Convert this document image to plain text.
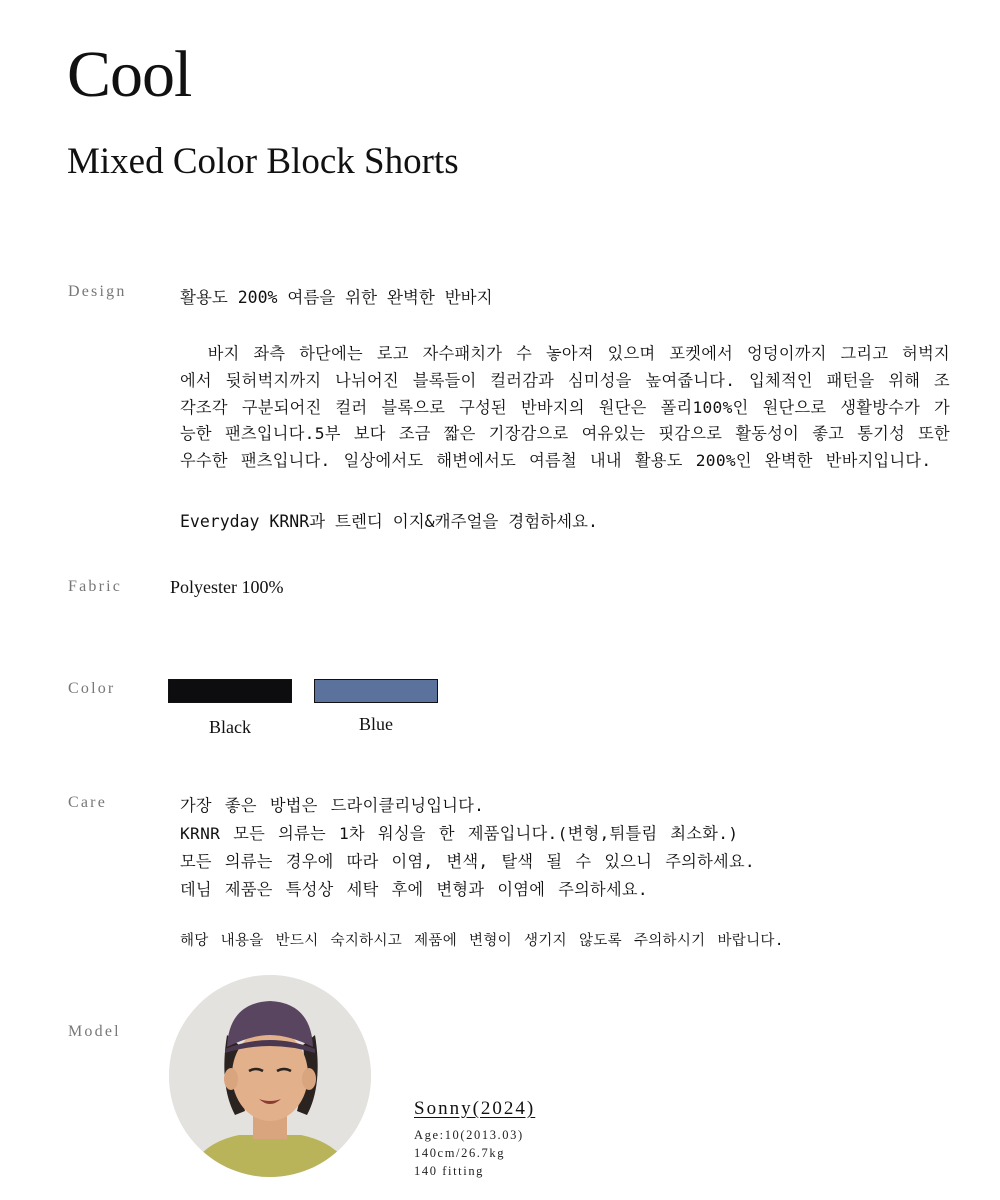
Cool
Mixed Color Block Shorts
Design	활용도 200% 여름을 위한 완벽한 반바지
바지 좌측 하단에는 로고 자수패치가 수 놓아져 있으며 포켓에서 엉덩이까지 그리고 허벅지에서 뒷허벅지까지 나뉘어진 블록들이 컬러감과 심미성을 높여줍니다. 입체적인 패턴을 위해 조각조각 구분되어진 컬러 블록으로 구성된 반바지의 원단은 폴리100%인 원단으로 생활방수가 가능한 팬츠입니다.5부 보다 조금 짧은 기장감으로 여유있는 핏감으로 활동성이 좋고 통기성 또한 우수한 팬츠입니다. 일상에서도 해변에서도 여름철 내내 활용도 200%인 완벽한 반바지입니다.
Everyday KRNR과 트렌디 이지&캐주얼을 경험하세요.
Fabric	Polyester 100%
Color
Black	Blue
Care	가장 좋은 방법은 드라이클리닝입니다.
KRNR 모든 의류는 1차 워싱을 한 제품입니다.(변형,튀틀림 최소화.)
모든 의류는 경우에 따라 이염, 변색, 탈색 될 수 있으니 주의하세요.
데님 제품은 특성상 세탁 후에 변형과 이염에 주의하세요.
해당 내용을 반드시 숙지하시고 제품에 변형이 생기지 않도록 주의하시기 바랍니다.
Model
Sonny(2024)
Age:10(2013.03)
140cm/26.7kg
140 fitting
